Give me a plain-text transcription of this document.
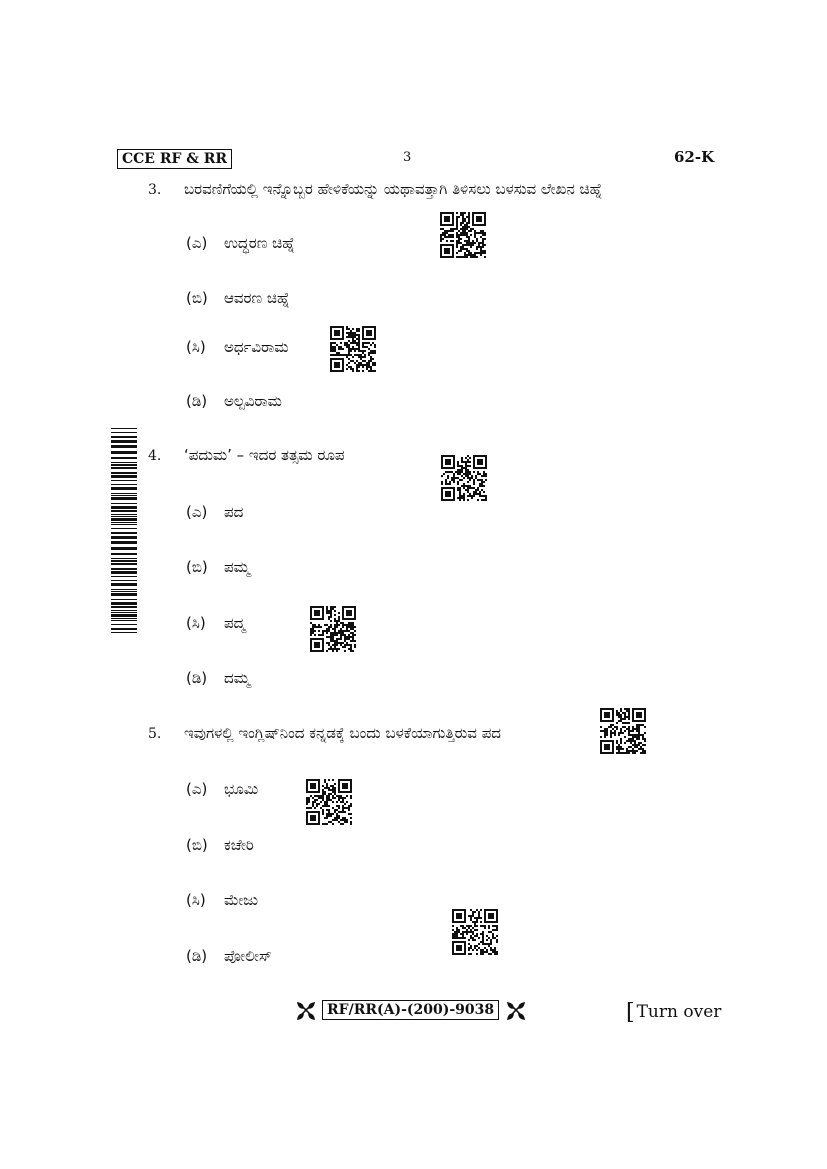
CCE RF & RR	3	62-K
3. ಬರವಣಿಗೆಯಲ್ಲಿ ಇನ್ನೊಬ್ಬರ ಹೇಳಿಕೆಯನ್ನು ಯಥಾವತ್ತಾಗಿ ತಿಳಿಸಲು ಬಳಸುವ ಲೇಖನ ಚಿಹ್ನೆ
(ಎ) ಉದ್ಧರಣ ಚಿಹ್ನೆ
(ಬಿ) ಆವರಣ ಚಿಹ್ನೆ
(ಸಿ) ಅರ್ಧವಿರಾಮ
(ಡಿ) ಅಲ್ಪವಿರಾಮ
4. ‘ಪದುಮ’ – ಇದರ ತತ್ಸಮ ರೂಪ
(ಎ) ಪದ
(ಬಿ) ಪಮ್ಮ
(ಸಿ) ಪದ್ಮ
(ಡಿ) ದಮ್ಮ
5. ಇವುಗಳಲ್ಲಿ ಇಂಗ್ಲಿಷ್‌ನಿಂದ ಕನ್ನಡಕ್ಕೆ ಬಂದು ಬಳಕೆಯಾಗುತ್ತಿರುವ ಪದ
(ಎ) ಭೂಮಿ
(ಬಿ) ಕಚೇರಿ
(ಸಿ) ಮೇಜು
(ಡಿ) ಪೋಲೀಸ್
RF/RR(A)-(200)-9038	[ Turn over
